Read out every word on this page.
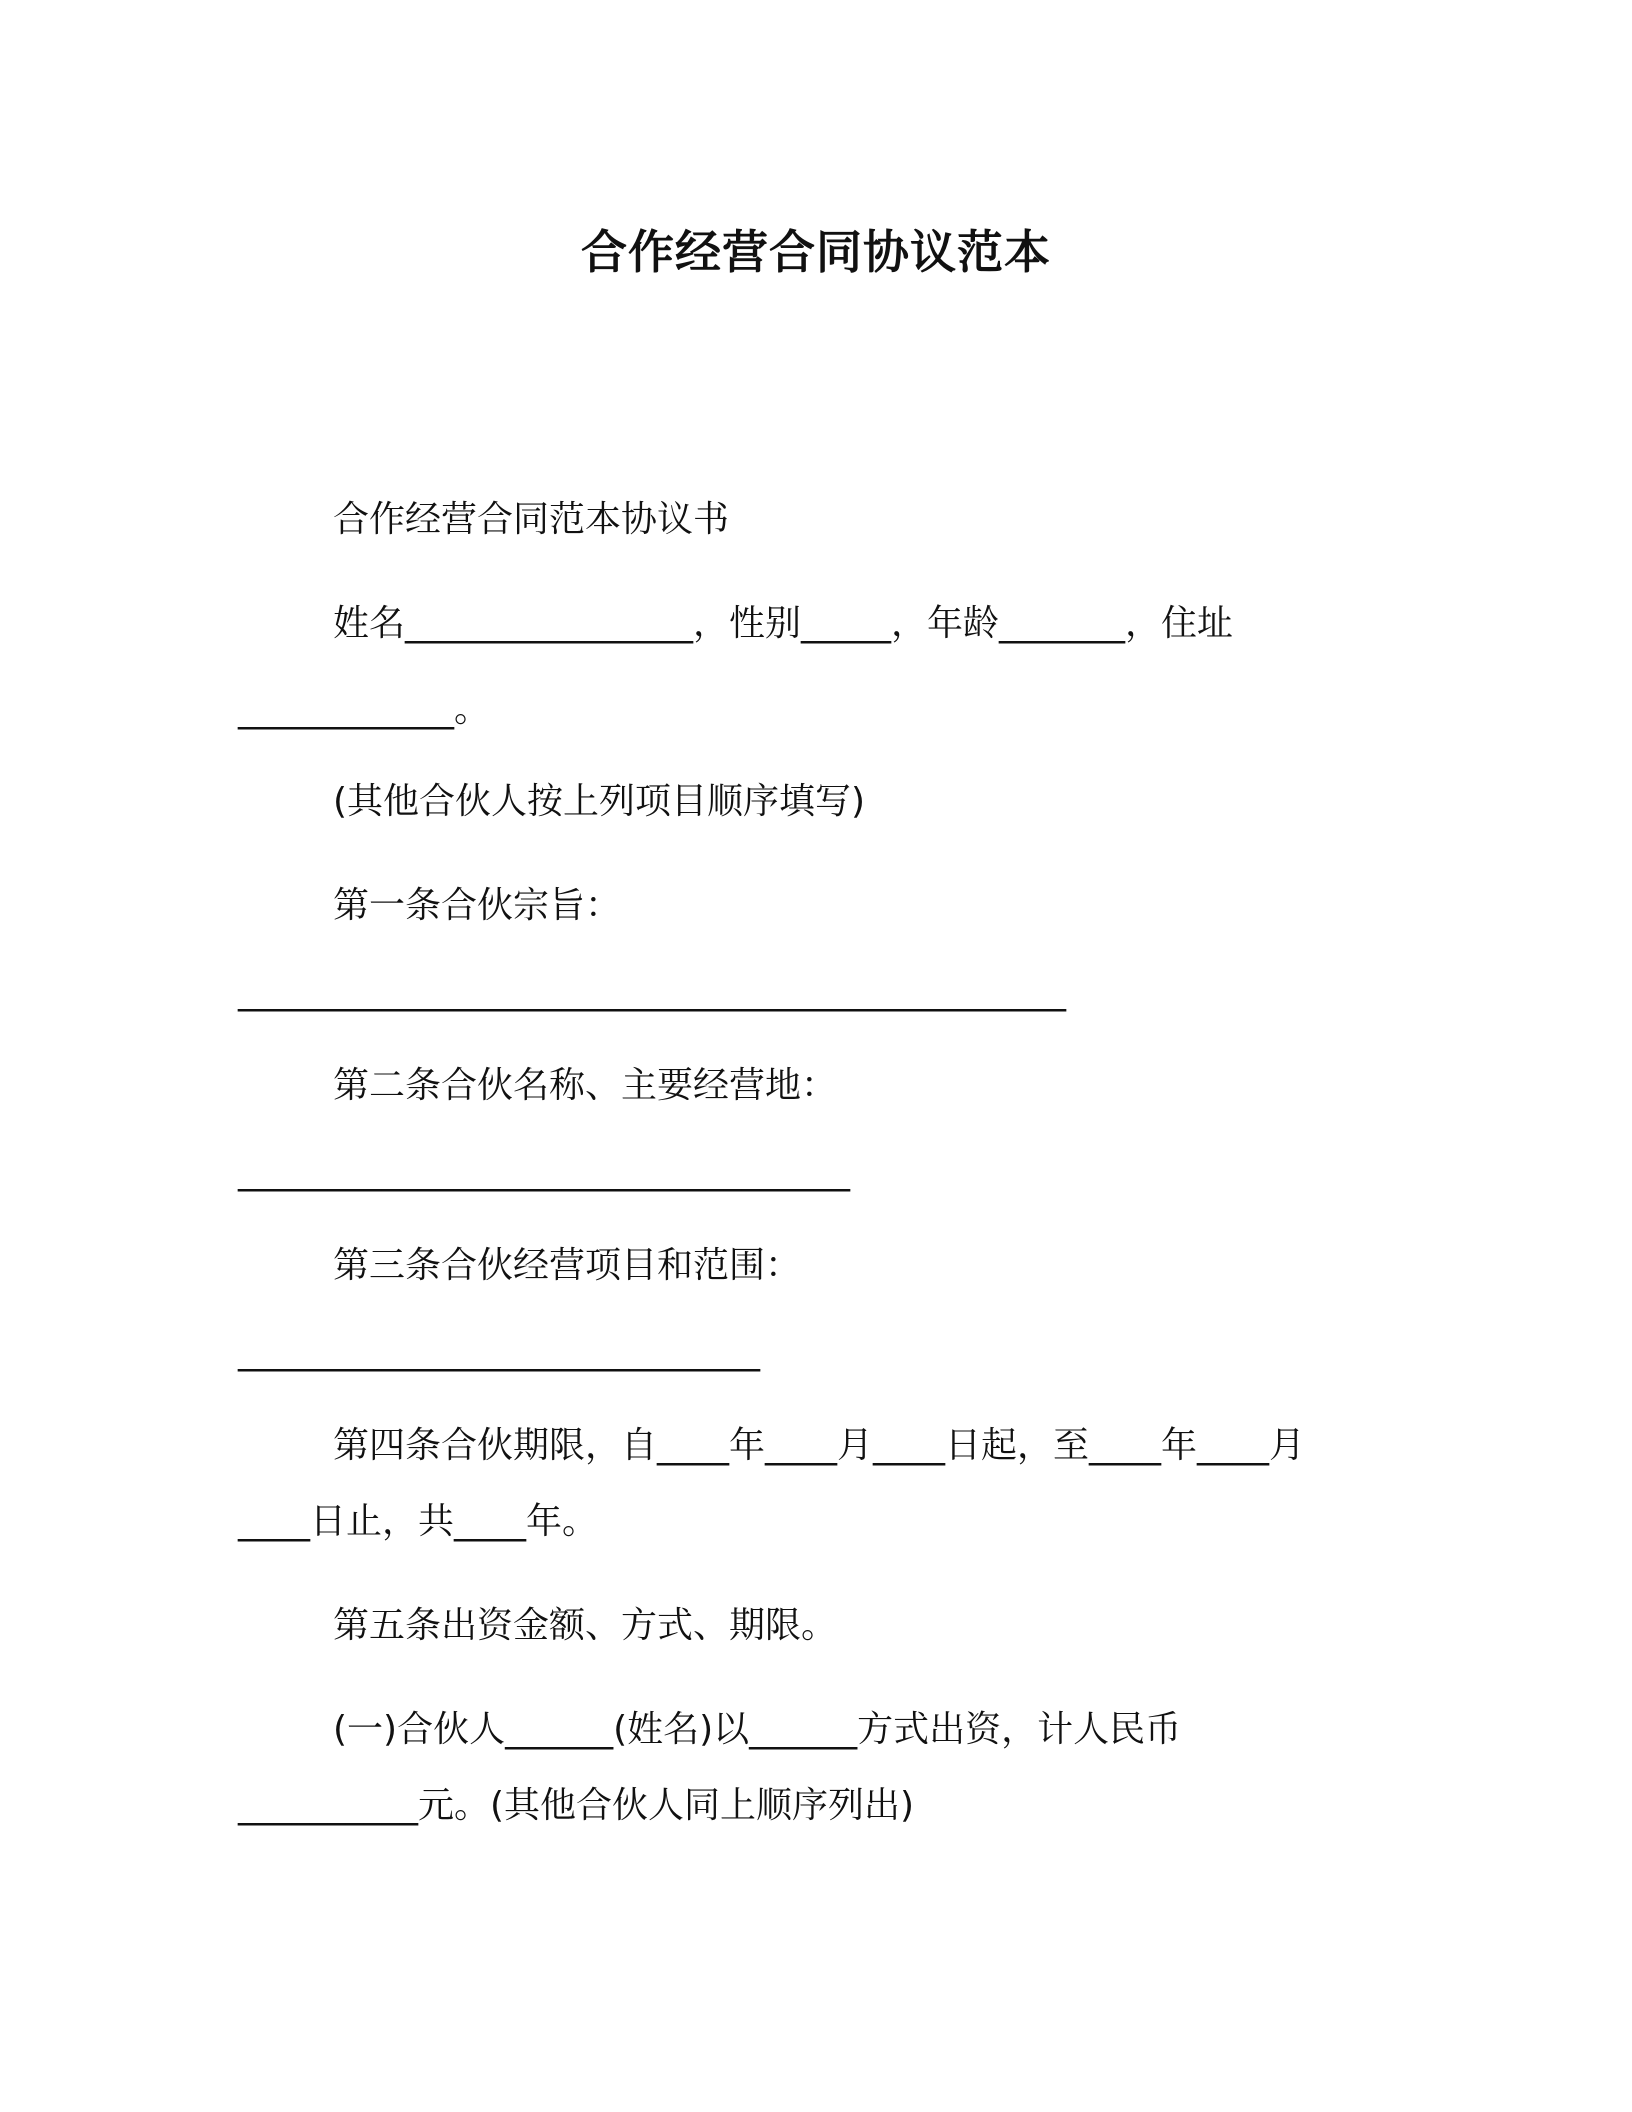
合作经营合同协议范本
合作经营合同范本协议书
姓名________________，性别_____，年龄_______，住址
____________。
(其他合伙人按上列项目顺序填写)
第一条合伙宗旨：
______________________________________________
第二条合伙名称、主要经营地：
__________________________________
第三条合伙经营项目和范围：
_____________________________
第四条合伙期限，自____年____月____日起，至____年____月
____日止，共____年。
第五条出资金额、方式、期限。
(一)合伙人______(姓名)以______方式出资，计人民币
__________元。(其他合伙人同上顺序列出)
